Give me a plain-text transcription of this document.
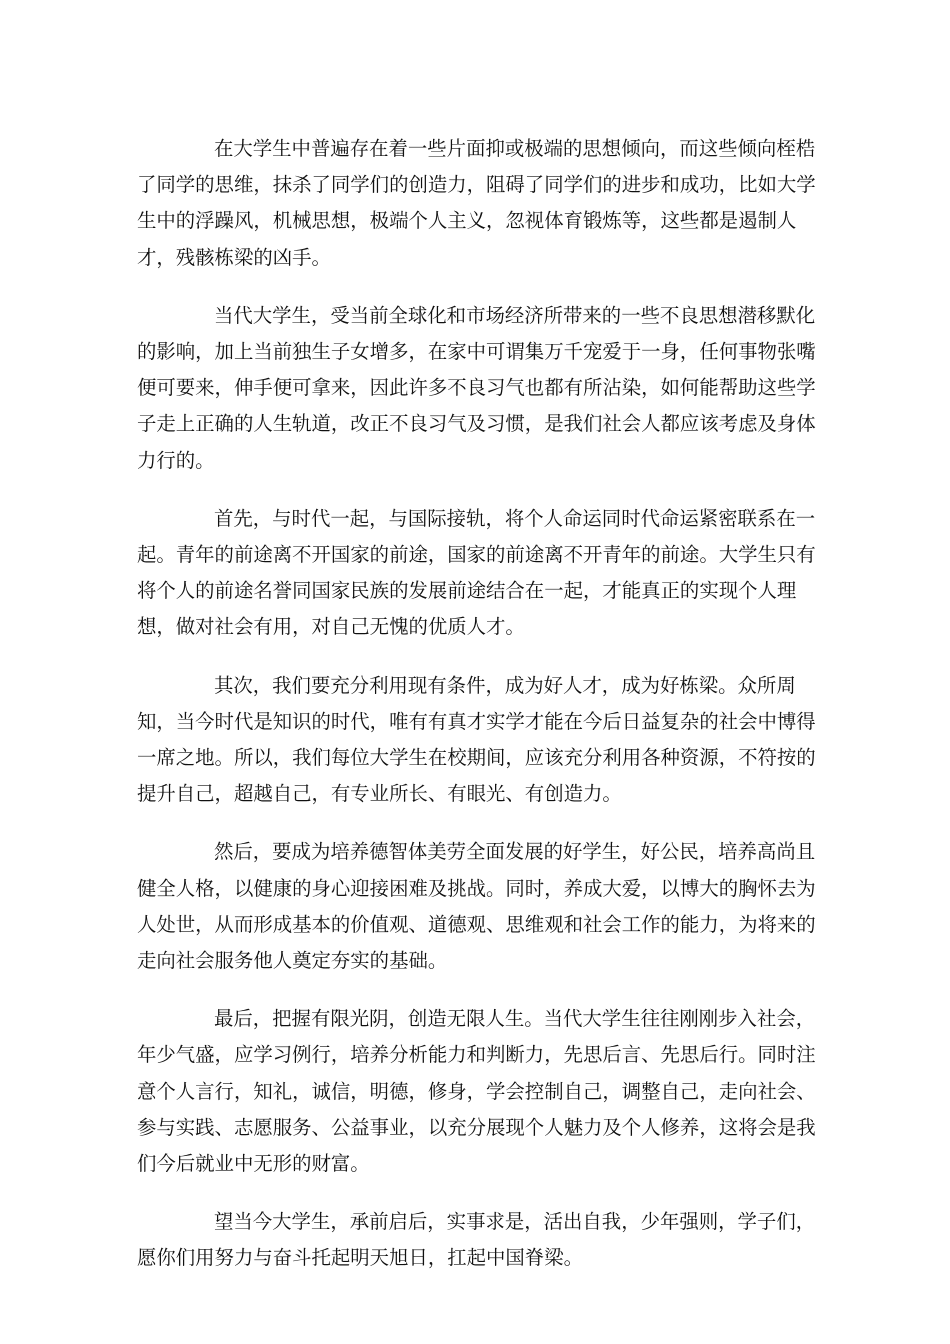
在大学生中普遍存在着一些片面抑或极端的思想倾向，而这些倾向桎梏了同学的思维，抹杀了同学们的创造力，阻碍了同学们的进步和成功，比如大学生中的浮躁风，机械思想，极端个人主义，忽视体育锻炼等，这些都是遏制人才，残骸栋梁的凶手。

当代大学生，受当前全球化和市场经济所带来的一些不良思想潜移默化的影响，加上当前独生子女增多，在家中可谓集万千宠爱于一身，任何事物张嘴便可要来，伸手便可拿来，因此许多不良习气也都有所沾染，如何能帮助这些学子走上正确的人生轨道，改正不良习气及习惯，是我们社会人都应该考虑及身体力行的。

首先，与时代一起，与国际接轨，将个人命运同时代命运紧密联系在一起。青年的前途离不开国家的前途，国家的前途离不开青年的前途。大学生只有将个人的前途名誉同国家民族的发展前途结合在一起，才能真正的实现个人理想，做对社会有用，对自己无愧的优质人才。

其次，我们要充分利用现有条件，成为好人才，成为好栋梁。众所周知，当今时代是知识的时代，唯有有真才实学才能在今后日益复杂的社会中博得一席之地。所以，我们每位大学生在校期间，应该充分利用各种资源，不符按的提升自己，超越自己，有专业所长、有眼光、有创造力。

然后，要成为培养德智体美劳全面发展的好学生，好公民，培养高尚且健全人格，以健康的身心迎接困难及挑战。同时，养成大爱，以博大的胸怀去为人处世，从而形成基本的价值观、道德观、思维观和社会工作的能力，为将来的走向社会服务他人奠定夯实的基础。

最后，把握有限光阴，创造无限人生。当代大学生往往刚刚步入社会，年少气盛，应学习例行，培养分析能力和判断力，先思后言、先思后行。同时注意个人言行，知礼，诚信，明德，修身，学会控制自己，调整自己，走向社会、参与实践、志愿服务、公益事业，以充分展现个人魅力及个人修养，这将会是我们今后就业中无形的财富。

望当今大学生，承前启后，实事求是，活出自我，少年强则，学子们，愿你们用努力与奋斗托起明天旭日，扛起中国脊梁。
